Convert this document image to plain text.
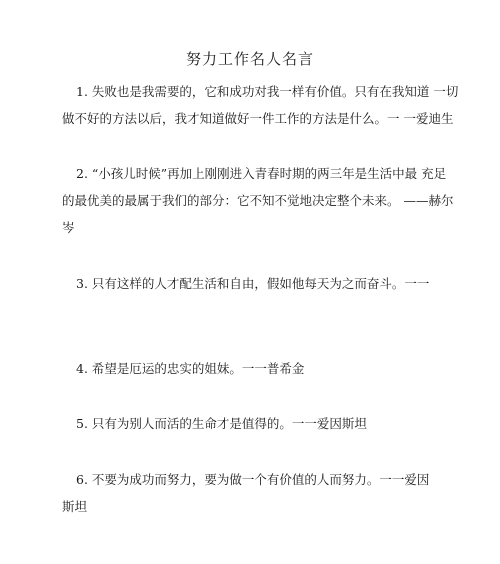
努力工作名人名言
1. 失败也是我需要的，它和成功对我一样有价值。只有在我知道 一切
做不好的方法以后，我才知道做好一件工作的方法是什么。一 一爱迪生
2. “小孩儿时候”再加上刚刚进入青春时期的两三年是生活中最 充足
的最优美的最属于我们的部分：它不知不觉地决定整个未来。 ——赫尔
岑
3. 只有这样的人才配生活和自由，假如他每天为之而奋斗。一一
4. 希望是厄运的忠实的姐妹。一一普希金
5. 只有为别人而活的生命才是值得的。一一爱因斯坦
6. 不要为成功而努力，要为做一个有价值的人而努力。一一爱因
斯坦
